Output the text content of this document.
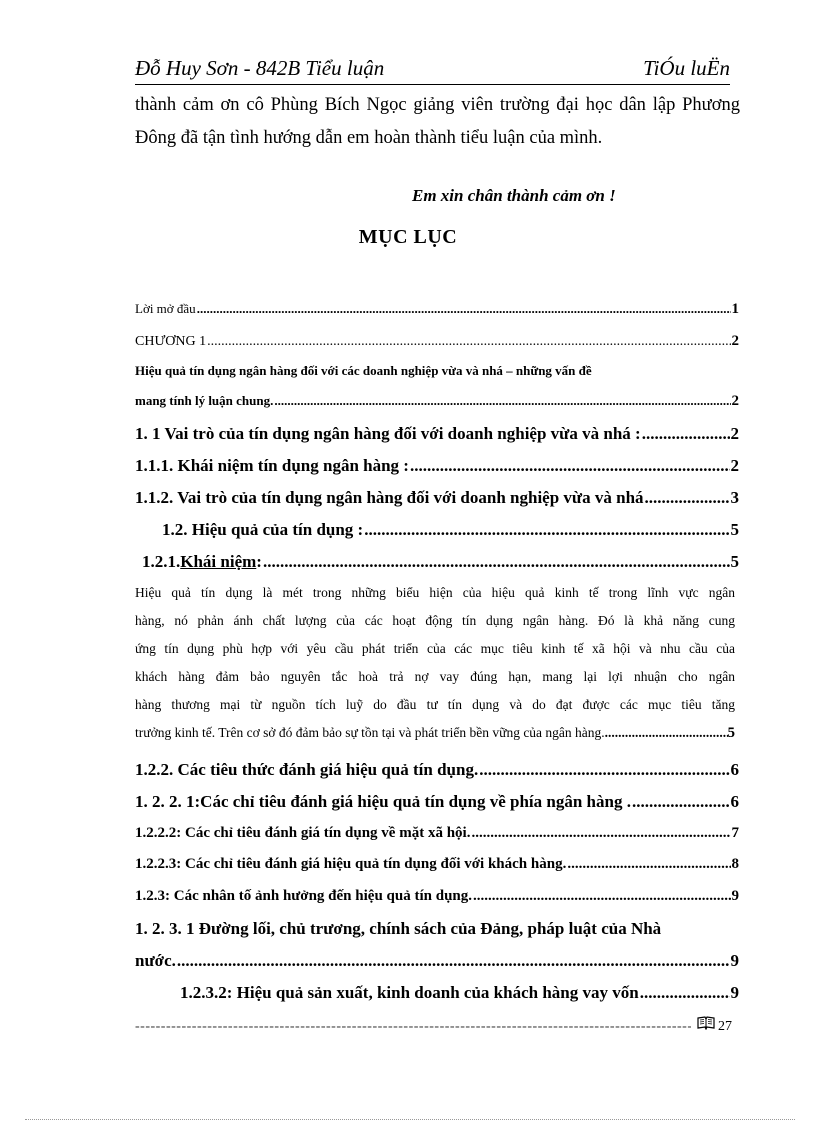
Đỗ Huy Sơn - 842B Tiểu luận	TiÓu luËn
thành cảm ơn cô Phùng Bích Ngọc giảng viên trường đại học dân lập Phương
Đông đã tận tình hướng dẫn em hoàn thành tiểu luận của mình.
Em xin chân thành cảm ơn !
MỤC LỤC
Lời mở đầu .....	1
CHƯƠNG 1 .....	2
Hiệu quả tín dụng ngân hàng đối với các doanh nghiệp vừa và nhá – những vấn đề
mang tính lý luận chung. .....	2
1. 1 Vai trò của tín dụng ngân hàng đối với doanh nghiệp vừa và nhá : .....	2
1.1.1. Khái niệm tín dụng ngân hàng : .....	2
1.1.2. Vai trò của tín dụng ngân hàng đối với doanh nghiệp vừa và nhá .....	3
1.2. Hiệu quả của tín dụng : .....	5
1.2.1. Khái niệm : .....	5
Hiệu quả tín dụng là mét trong những biểu hiện của hiệu quả kinh tế trong lĩnh vực ngân
hàng, nó phản ánh chất lượng của các hoạt động tín dụng ngân hàng. Đó là khả năng cung
ứng tín dụng phù hợp với yêu cầu phát triển của các mục tiêu kinh tế xã hội và nhu cầu của
khách hàng đảm bảo nguyên tắc hoà trả nợ vay đúng hạn, mang lại lợi nhuận cho ngân
hàng thương mại từ nguồn tích luỹ do đầu tư tín dụng và do đạt được các mục tiêu tăng
trưởng kinh tế. Trên cơ sở đó đảm bảo sự tồn tại và phát triển bền vững của ngân hàng. .....	5
1.2.2. Các tiêu thức đánh giá hiệu quả tín dụng. .....	6
1. 2. 2. 1:Các chỉ tiêu đánh giá hiệu quả tín dụng về phía ngân hàng . .....	6
1.2.2.2: Các chỉ tiêu đánh giá tín dụng về mặt xã hội. .....	7
1.2.2.3: Các chỉ tiêu đánh giá hiệu quả tín dụng đối với khách hàng. .....	8
1.2.3: Các nhân tố ảnh hưởng đến hiệu quả tín dụng. .....	9
1. 2. 3. 1 Đường lối, chủ trương, chính sách của Đảng, pháp luật của Nhà
nước. .....	9
1.2.3.2: Hiệu quả sản xuất, kinh doanh của khách hàng vay vốn .....	9
-----
27
